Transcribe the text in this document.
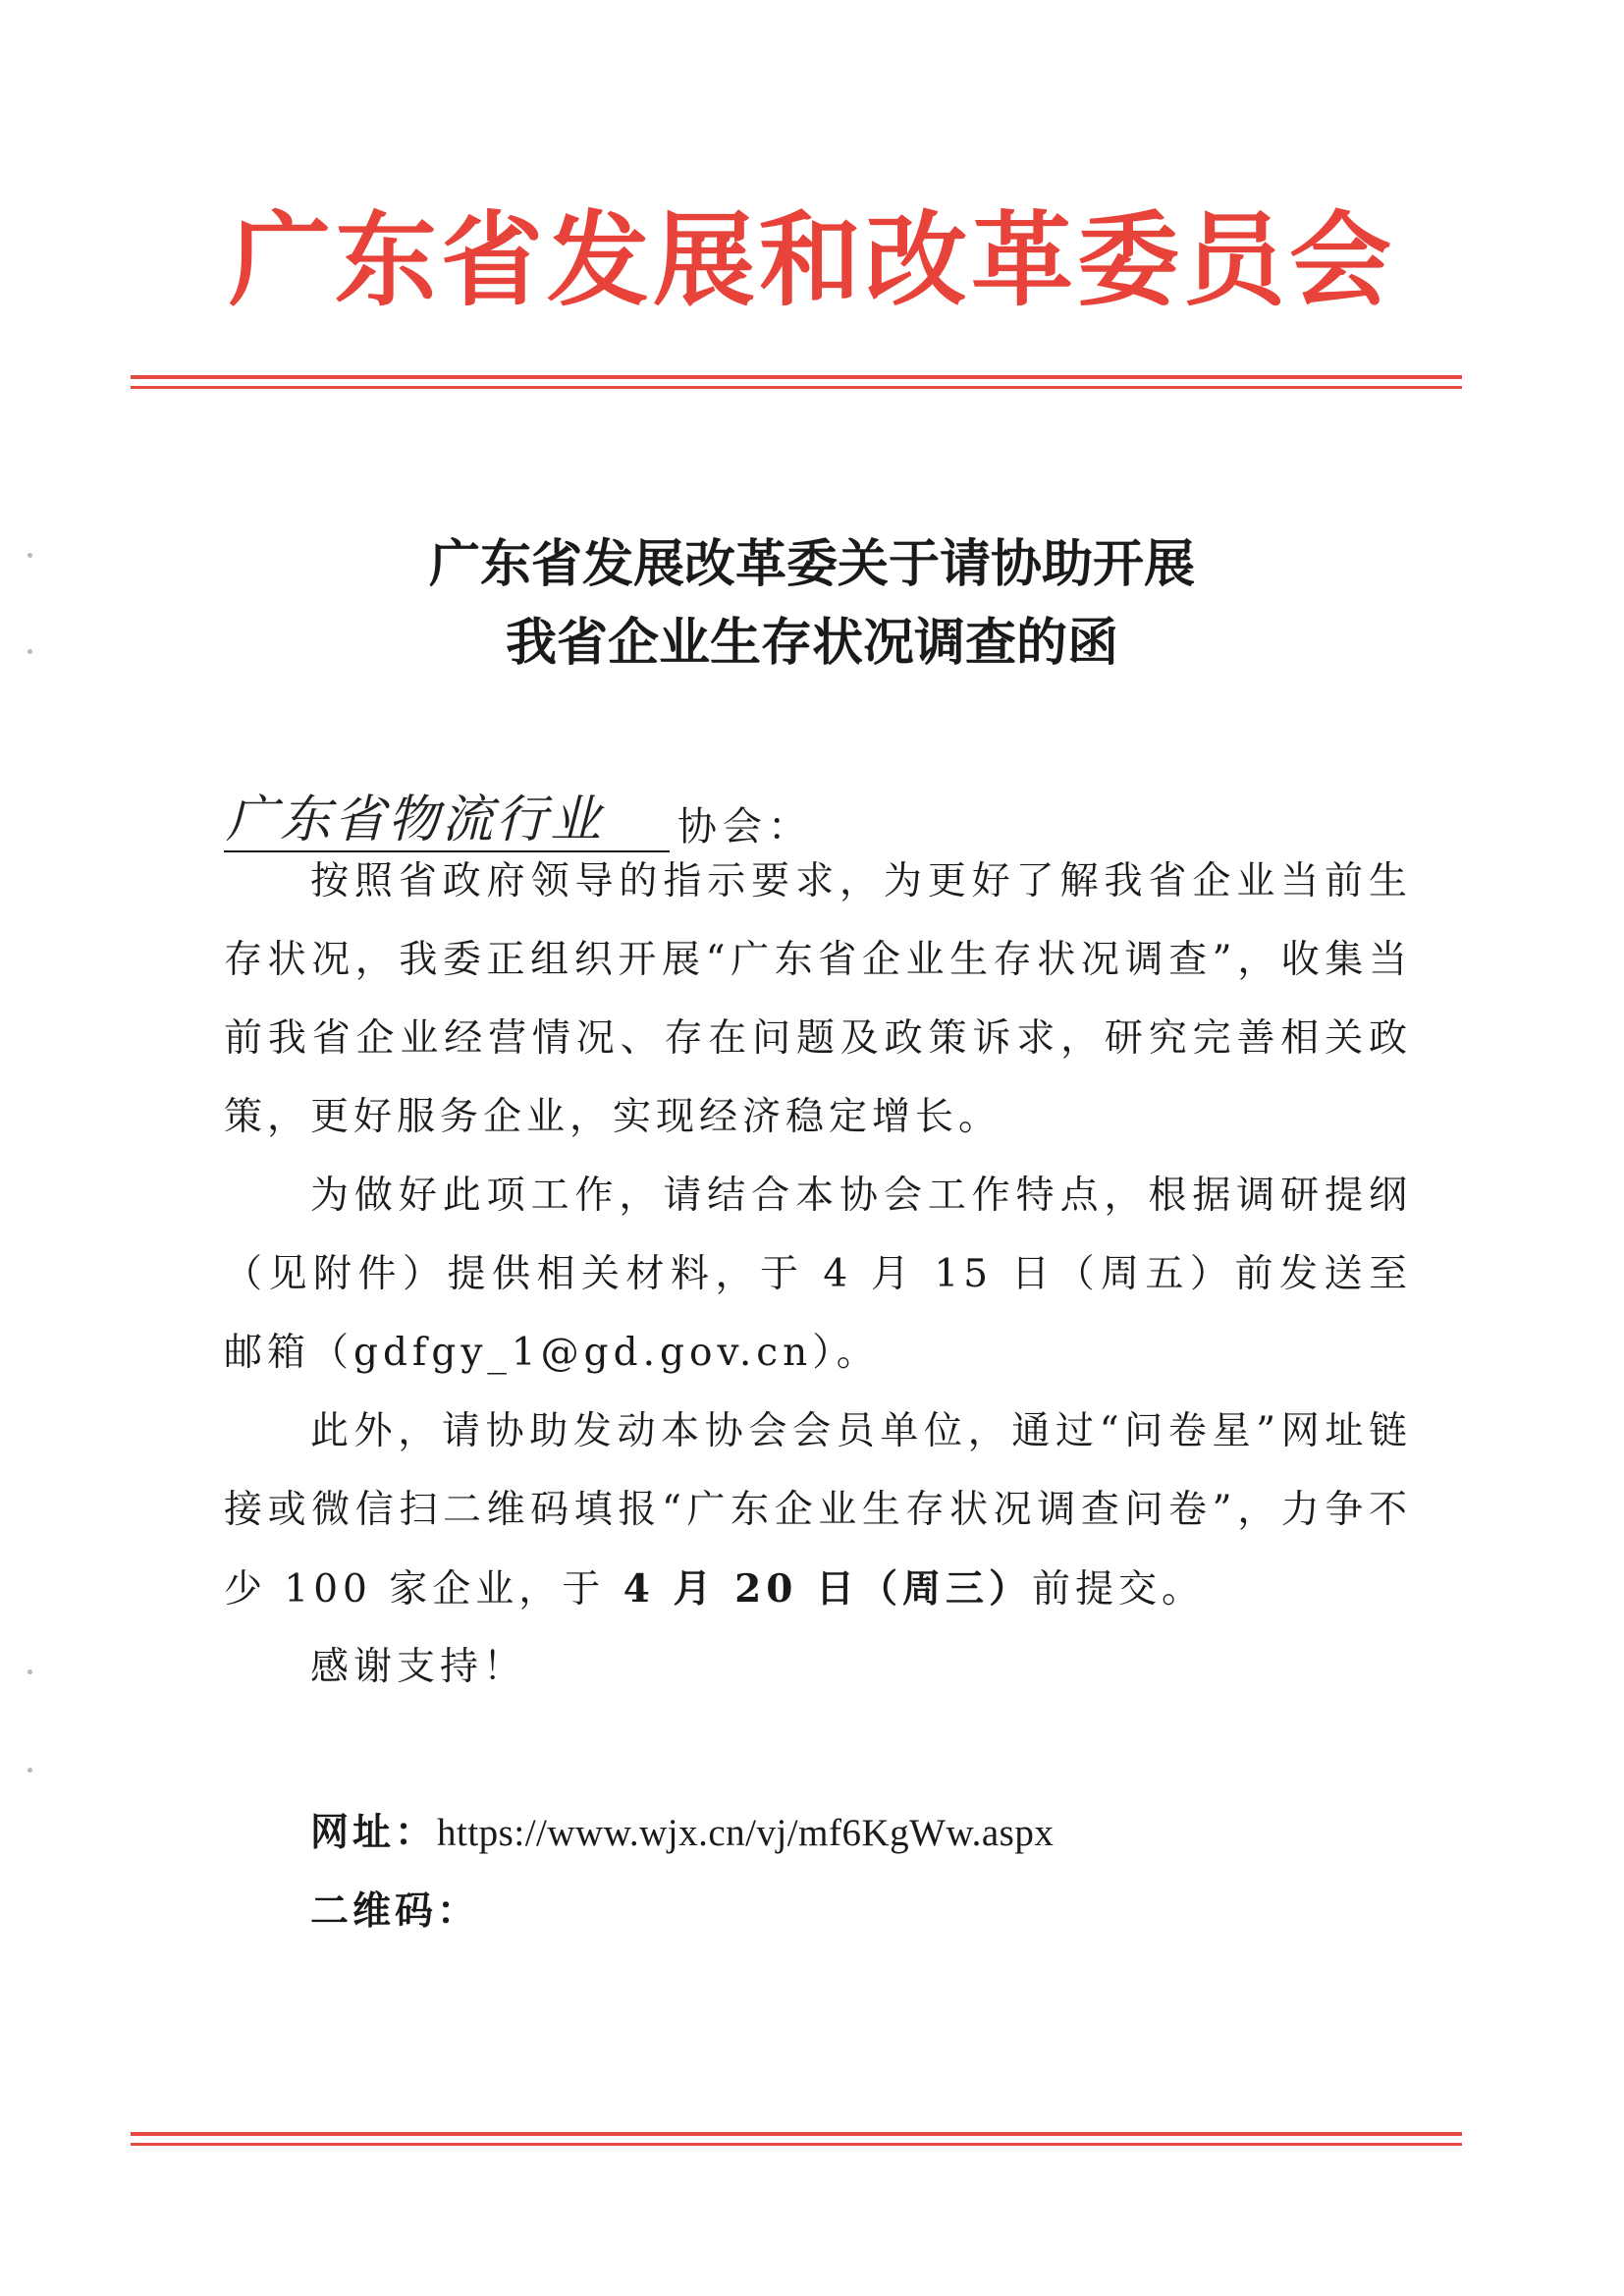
广东省发展和改革委员会
广东省发展改革委关于请协助开展
我省企业生存状况调查的函
广东省物流行业	协会：

按照省政府领导的指示要求，为更好了解我省企业当前生存状况，我委正组织开展“广东省企业生存状况调查”，收集当前我省企业经营情况、存在问题及政策诉求，研究完善相关政策，更好服务企业，实现经济稳定增长。

为做好此项工作，请结合本协会工作特点，根据调研提纲（见附件）提供相关材料，于 4 月 15 日（周五）前发送至邮箱（gdfgy_1@gd.gov.cn）。

此外，请协助发动本协会会员单位，通过“问卷星”网址链接或微信扫二维码填报“广东企业生存状况调查问卷”，力争不少 100 家企业，于 4 月 20 日（周三）前提交。

感谢支持！

网址：https://www.wjx.cn/vj/mf6KgWw.aspx
二维码：
